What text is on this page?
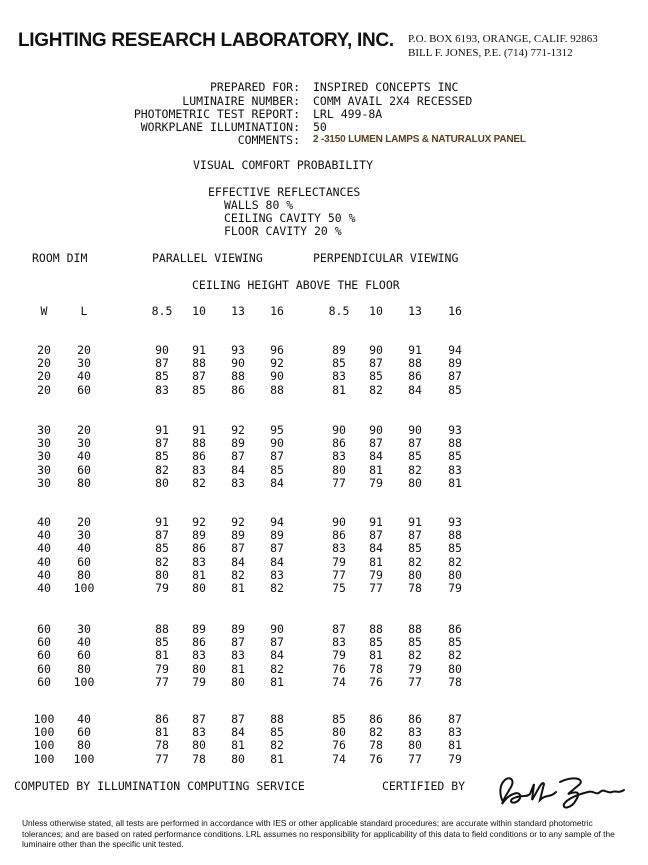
LIGHTING RESEARCH LABORATORY, INC. P.O. BOX 6193, ORANGE, CALIF. 92863
BILL F. JONES, P.E. (714) 771-1312
PREPARED FOR: INSPIRED CONCEPTS INC
LUMINAIRE NUMBER: COMM AVAIL 2X4 RECESSED
PHOTOMETRIC TEST REPORT: LRL 499-8A
WORKPLANE ILLUMINATION: 50
COMMENTS: 2 -3150 LUMEN LAMPS & NATURALUX PANEL
VISUAL COMFORT PROBABILITY
EFFECTIVE REFLECTANCES
WALLS 80 %
CEILING CAVITY 50 %
FLOOR CAVITY 20 %
ROOM DIM	PARALLEL VIEWING	PERPENDICULAR VIEWING
CEILING HEIGHT ABOVE THE FLOOR
W	L	8.5	10	13	16	8.5	10	13	16
20	20	90	91	93	96	89	90	91	94
20	30	87	88	90	92	85	87	88	89
20	40	85	87	88	90	83	85	86	87
20	60	83	85	86	88	81	82	84	85
30	20	91	91	92	95	90	90	90	93
30	30	87	88	89	90	86	87	87	88
30	40	85	86	87	87	83	84	85	85
30	60	82	83	84	85	80	81	82	83
30	80	80	82	83	84	77	79	80	81
40	20	91	92	92	94	90	91	91	93
40	30	87	89	89	89	86	87	87	88
40	40	85	86	87	87	83	84	85	85
40	60	82	83	84	84	79	81	82	82
40	80	80	81	82	83	77	79	80	80
40	100	79	80	81	82	75	77	78	79
60	30	88	89	89	90	87	88	88	86
60	40	85	86	87	87	83	85	85	85
60	60	81	83	83	84	79	81	82	82
60	80	79	80	81	82	76	78	79	80
60	100	77	79	80	81	74	76	77	78
100	40	86	87	87	88	85	86	86	87
100	60	81	83	84	85	80	82	83	83
100	80	78	80	81	82	76	78	80	81
100	100	77	78	80	81	74	76	77	79
COMPUTED BY ILLUMINATION COMPUTING SERVICE	CERTIFIED BY
Unless otherwise stated, all tests are performed in accordance with IES or other applicable standard procedures; are accurate within standard photometric tolerances; and are based on rated performance conditions. LRL assumes no responsibility for applicability of this data to field conditions or to any sample of the luminaire other than the specific unit tested.
